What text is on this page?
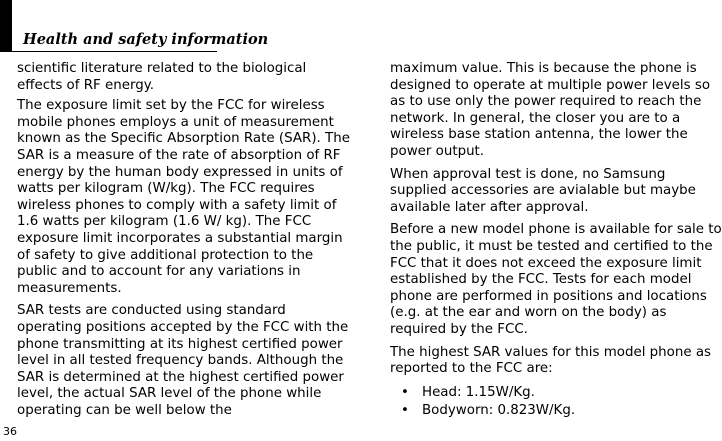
Health and safety information

scientific literature related to the biological effects of RF energy.

The exposure limit set by the FCC for wireless mobile phones employs a unit of measurement known as the Specific Absorption Rate (SAR). The SAR is a measure of the rate of absorption of RF energy by the human body expressed in units of watts per kilogram (W/kg). The FCC requires wireless phones to comply with a safety limit of 1.6 watts per kilogram (1.6 W/ kg). The FCC exposure limit incorporates a substantial margin of safety to give additional protection to the public and to account for any variations in measurements.

SAR tests are conducted using standard operating positions accepted by the FCC with the phone transmitting at its highest certified power level in all tested frequency bands. Although the SAR is determined at the highest certified power level, the actual SAR level of the phone while operating can be well below the

maximum value. This is because the phone is designed to operate at multiple power levels so as to use only the power required to reach the network. In general, the closer you are to a wireless base station antenna, the lower the power output.

When approval test is done, no Samsung supplied accessories are avialable but maybe available later after approval.

Before a new model phone is available for sale to the public, it must be tested and certified to the FCC that it does not exceed the exposure limit established by the FCC. Tests for each model phone are performed in positions and locations (e.g. at the ear and worn on the body) as required by the FCC.

The highest SAR values for this model phone as reported to the FCC are:

• Head: 1.15W/Kg.
• Bodyworn: 0.823W/Kg.
36
